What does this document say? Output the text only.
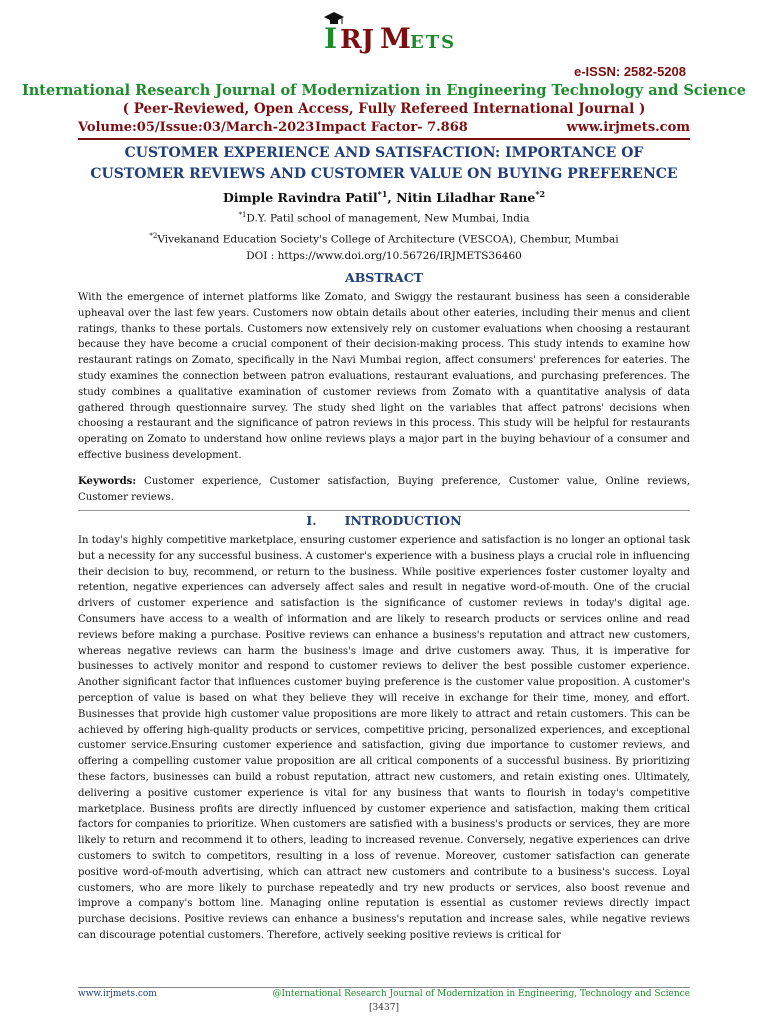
I RJ M ETS
e-ISSN: 2582-5208
International Research Journal of Modernization in Engineering Technology and Science
( Peer-Reviewed, Open Access, Fully Refereed International Journal )
Volume:05/Issue:03/March-2023 Impact Factor- 7.868	www.irjmets.com
CUSTOMER EXPERIENCE AND SATISFACTION: IMPORTANCE OF
CUSTOMER REVIEWS AND CUSTOMER VALUE ON BUYING PREFERENCE
Dimple Ravindra Patil$^{*1}$, Nitin Liladhar Rane$^{*2}$
$^{*1}$D.Y. Patil school of management, New Mumbai, India
$^{*2}$Vivekanand Education Society's College of Architecture (VESCOA), Chembur, Mumbai
DOI : https://www.doi.org/10.56726/IRJMETS36460
ABSTRACT

With the emergence of internet platforms like Zomato, and Swiggy the restaurant business has seen a considerable upheaval over the last few years. Customers now obtain details about other eateries, including their menus and client ratings, thanks to these portals. Customers now extensively rely on customer evaluations when choosing a restaurant because they have become a crucial component of their decision-making process. This study intends to examine how restaurant ratings on Zomato, specifically in the Navi Mumbai region, affect consumers' preferences for eateries. The study examines the connection between patron evaluations, restaurant evaluations, and purchasing preferences. The study combines a qualitative examination of customer reviews from Zomato with a quantitative analysis of data gathered through questionnaire survey. The study shed light on the variables that affect patrons' decisions when choosing a restaurant and the significance of patron reviews in this process. This study will be helpful for restaurants operating on Zomato to understand how online reviews plays a major part in the buying behaviour of a consumer and effective business development.

Keywords: Customer experience, Customer satisfaction, Buying preference, Customer value, Online reviews, Customer reviews.

I. INTRODUCTION

In today's highly competitive marketplace, ensuring customer experience and satisfaction is no longer an optional task but a necessity for any successful business. A customer's experience with a business plays a crucial role in influencing their decision to buy, recommend, or return to the business. While positive experiences foster customer loyalty and retention, negative experiences can adversely affect sales and result in negative word-of-mouth. One of the crucial drivers of customer experience and satisfaction is the significance of customer reviews in today's digital age. Consumers have access to a wealth of information and are likely to research products or services online and read reviews before making a purchase. Positive reviews can enhance a business's reputation and attract new customers, whereas negative reviews can harm the business's image and drive customers away. Thus, it is imperative for businesses to actively monitor and respond to customer reviews to deliver the best possible customer experience. Another significant factor that influences customer buying preference is the customer value proposition. A customer's perception of value is based on what they believe they will receive in exchange for their time, money, and effort. Businesses that provide high customer value propositions are more likely to attract and retain customers. This can be achieved by offering high-quality products or services, competitive pricing, personalized experiences, and exceptional customer service.Ensuring customer experience and satisfaction, giving due importance to customer reviews, and offering a compelling customer value proposition are all critical components of a successful business. By prioritizing these factors, businesses can build a robust reputation, attract new customers, and retain existing ones. Ultimately, delivering a positive customer experience is vital for any business that wants to flourish in today's competitive marketplace. Business profits are directly influenced by customer experience and satisfaction, making them critical factors for companies to prioritize. When customers are satisfied with a business's products or services, they are more likely to return and recommend it to others, leading to increased revenue. Conversely, negative experiences can drive customers to switch to competitors, resulting in a loss of revenue. Moreover, customer satisfaction can generate positive word-of-mouth advertising, which can attract new customers and contribute to a business's success. Loyal customers, who are more likely to purchase repeatedly and try new products or services, also boost revenue and improve a company's bottom line. Managing online reputation is essential as customer reviews directly impact purchase decisions. Positive reviews can enhance a business's reputation and increase sales, while negative reviews can discourage potential customers. Therefore, actively seeking positive reviews is critical for

www.irjmets.com	@International Research Journal of Modernization in Engineering, Technology and Science
[3437]
